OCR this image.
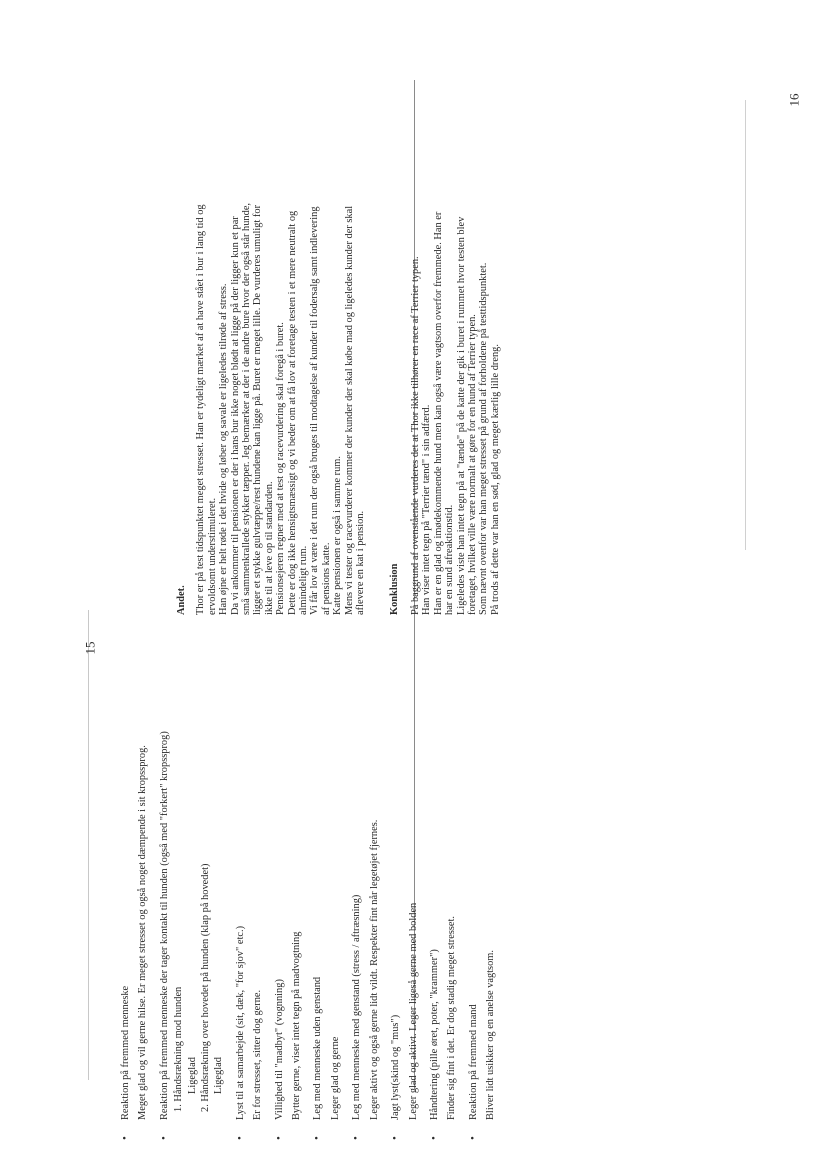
15
16
•

Reaktion på fremmed menneske Meget glad og vil gerne hilse. Er meget stresset og også noget dæmpende i sit kropssprog.

•

Reaktion på fremmed menneske der tager kontakt til hunden (også med "forkert" kropssprog) 1. Håndsrækning mod hunden Ligeglad 2. Håndsrækning over hovedet på hunden (klap på hovedet) Ligeglad
•

Lyst til at samarbejde (sit, dæk, "for sjov" etc.) Er for stresset, sitter dog gerne.

•

Villighed til "madbyt" (vognning) Bytter gerne, viser intet tegn på madvogtning

•

Leg med menneske uden genstand Leger glad og gerne

•

Leg med menneske med genstand (stress / aftræsning) Leger aktivt og også gerne lidt vildt. Respekter fint når legetøjet fjernes.

•

Jagt lyst(skind og "mus") Leger glad og aktivt. Leger ligeså gerne med bolden

•

Håndtering (pille øret, poter, "krammer") Finder sig fint i det. Er dog stadig meget stresset.

•

Reaktion på fremmed mand Bliver lidt usikker og en anelse vagtsom.

Andet. Thor er på test tidspunktet meget stresset. Han er tydeligt mærket af at have stået i bur i lang tid og ervoldsomt understimuleret. Han øjne er helt røde i det hvide og løber og savale er ligeledes tilrøde af stress. Da vi ankommer til pensionen er der i hans bur ikke noget blødt at ligge på der ligger kun et par små sammenkrallede stykker tæpper. Jeg bemærker at der i de andre bure hvor der også står hunde, ligger et stykke gulvtæppe/rest hundene kan ligge på. Buret er meget lille. De vurderes umuligt for ikke til at leve op til standarden. Pensionsejeren regner med at test og racevurdering skal foregå i buret. Dette er dog ikke hensigtsmæssigt og vi beder om at få lov at foretage testen i et mere neutralt og almindeligt rum. Vi får lov at være i det rum der også bruges til modtagelse af kunder til fodersalg samt indlevering af pensions katte. Katte pensionen er også i samme rum. Mens vi tester og racevurderer kommer der kunder der skal købe mad og ligeledes kunder der skal aflevere en kat i pension. Konklusion På baggrund af ovenstående vurderes det at Thor ikke tilhører en race af Terrier typen. Han viser intet tegn på "Terrier tænd" i sin adfærd. Han er en glad og imødekommende hund men kan også være vagtsom overfor fremmede. Han er har en sund afreaktionstid. Ligeledes viste han intet tegn på at "tænde" på de katte der gik i buret i rummet hvor testen blev foretaget, hvilket ville være normalt at gøre for en hund af Terrier typen. Som nævnt ovenfor var han meget stresset på grund af forholdene på testtidspunktet. På trods af dette var han en sød, glad og meget kærlig lille dreng.
